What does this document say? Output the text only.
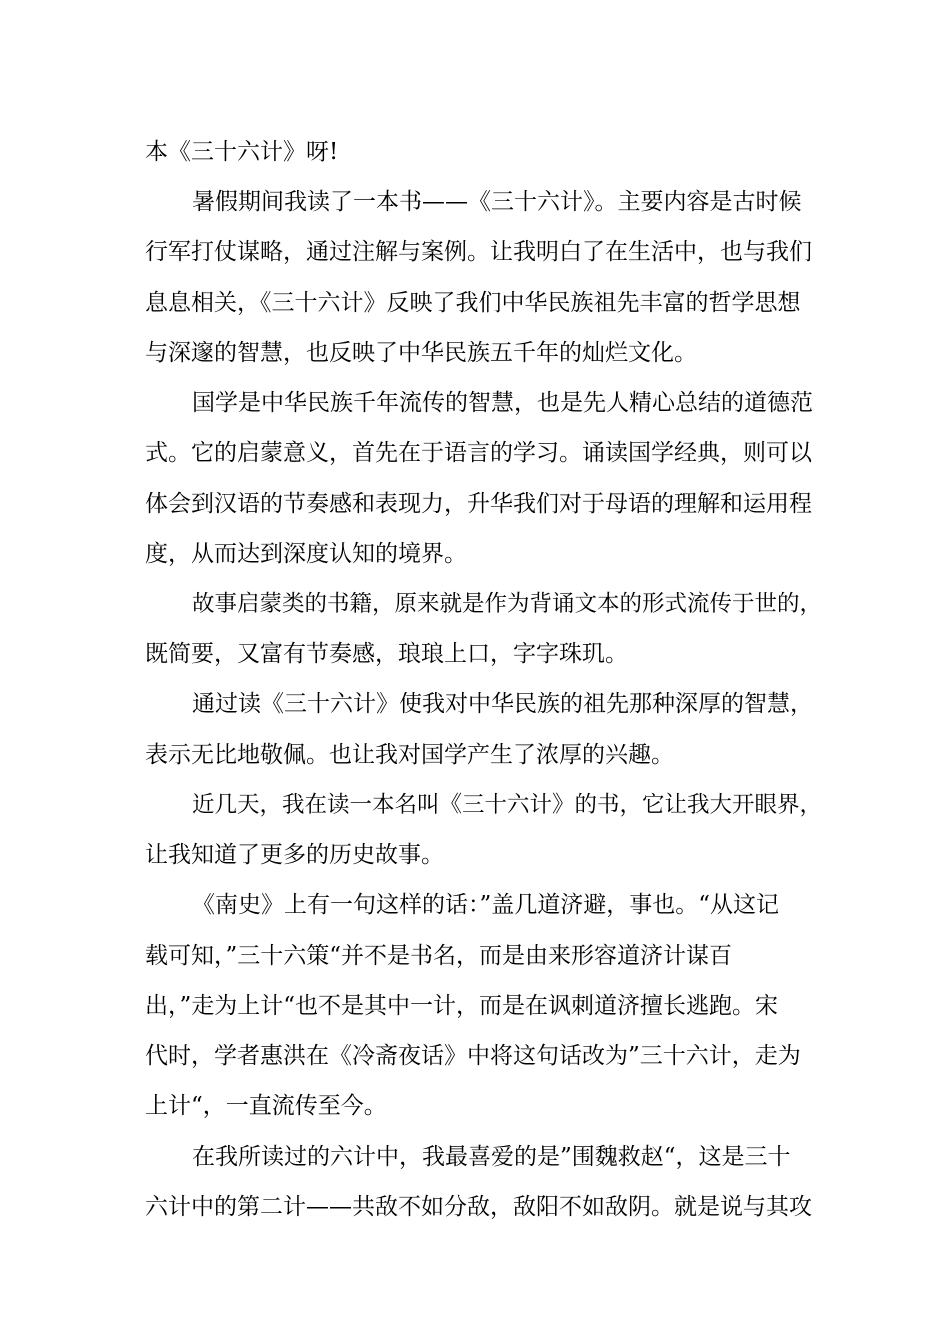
本《三十六计》呀!
暑假期间我读了一本书——《三十六计》。主要内容是古时候
行军打仗谋略，通过注解与案例。让我明白了在生活中，也与我们
息息相关，《三十六计》反映了我们中华民族祖先丰富的哲学思想
与深邃的智慧，也反映了中华民族五千年的灿烂文化。
国学是中华民族千年流传的智慧，也是先人精心总结的道德范
式。它的启蒙意义，首先在于语言的学习。诵读国学经典，则可以
体会到汉语的节奏感和表现力，升华我们对于母语的理解和运用程
度，从而达到深度认知的境界。
故事启蒙类的书籍，原来就是作为背诵文本的形式流传于世的，
既简要，又富有节奏感，琅琅上口，字字珠玑。
通过读《三十六计》使我对中华民族的祖先那种深厚的智慧，
表示无比地敬佩。也让我对国学产生了浓厚的兴趣。
近几天，我在读一本名叫《三十六计》的书，它让我大开眼界，
让我知道了更多的历史故事。
《南史》上有一句这样的话：”盖几道济避，事也。“从这记
载可知，”三十六策“并不是书名，而是由来形容道济计谋百
出，”走为上计“也不是其中一计，而是在讽刺道济擅长逃跑。宋
代时，学者惠洪在《冷斋夜话》中将这句话改为”三十六计，走为
上计“，一直流传至今。
在我所读过的六计中，我最喜爱的是”围魏救赵“，这是三十
六计中的第二计——共敌不如分敌，敌阳不如敌阴。就是说与其攻
